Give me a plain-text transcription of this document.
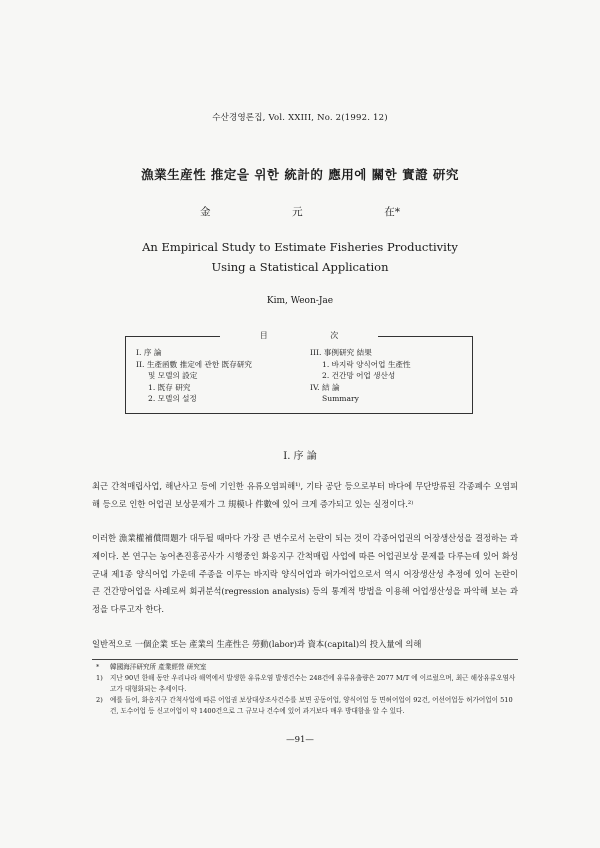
수산경영론집, Vol. XXIII, No. 2(1992. 12)
漁業生産性 推定을 위한 統計的 應用에 關한 實證 研究
金	元	在*
An Empirical Study to Estimate Fisheries Productivity
Using a Statistical Application
Kim, Weon-Jae
目 次
I. 序 論
II. 生產函數 推定에 관한 既存研究
및 모델의 設定
1. 既存 研究
2. 모델의 설정
III. 事例研究 結果
1. 바지락 양식어업 生產性
2. 건간망 어업 생산성
IV. 結 論
Summary
I. 序 論
최근 간척매립사업, 해난사고 등에 기인한 유류오염피해¹⁾, 기타 공단 등으로부터 바다에 무단방류된 각종폐수 오염피해 등으로 인한 어업권 보상문제가 그 規模나 件數에 있어 크게 증가되고 있는 실정이다.²⁾
이러한 漁業權補償問題가 대두될 때마다 가장 큰 변수로서 논란이 되는 것이 각종어업권의 어장생산성을 결정하는 과제이다. 본 연구는 농어촌진흥공사가 시행중인 화옹지구 간척매립 사업에 따른 어업권보상 문제를 다루는데 있어 화성군내 제1종 양식어업 가운데 주종을 이루는 바지락 양식어업과 허가어업으로서 역시 어장생산성 추정에 있어 논란이 큰 건간망어업을 사례로써 회귀분석(regression analysis) 등의 통계적 방법을 이용해 어업생산성을 파악해 보는 과정을 다루고자 한다.
일반적으로 一個企業 또는 產業의 生產性은 勞動(labor)과 資本(capital)의 投入量에 의해
* 韓國海洋研究所 產業經營 研究室
1) 지난 90년 한해 동안 우리나라 해역에서 발생한 유류오염 발생건수는 248건에 유류유출량은 2077 M/T 에 이르렀으며, 최근 해상유류오염사고가 대형화되는 추세이다.
2) 예를 들어, 화옹지구 간척사업에 따른 어업권 보상대상조사건수를 보면 공동어업, 양식어업 등 면허어업이 92건, 어선어업등 허가어업이 510건, 도수어업 등 신고어업이 약 1400건으로 그 규모나 건수에 있어 과거보다 매우 방대함을 알 수 있다.
—91—
